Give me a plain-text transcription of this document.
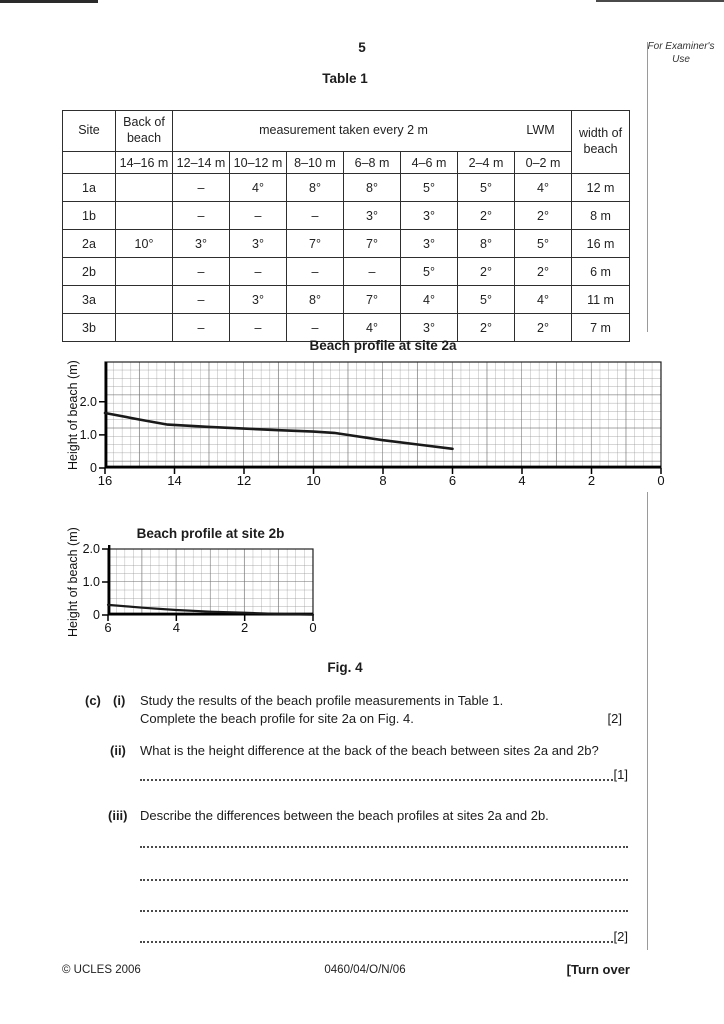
5	For Examiner's Use
Table 1
Site	Back of beach	measurement taken every 2 m LWM							width of beach
	14–16 m	12–14 m	10–12 m	8–10 m	6–8 m	4–6 m	2–4 m	0–2 m	
1a		–	4°	8°	8°	5°	5°	4°	12 m
1b		–	–	–	3°	3°	2°	2°	8 m
2a	10°	3°	3°	7°	7°	3°	8°	5°	16 m
2b		–	–	–	–	5°	2°	2°	6 m
3a		–	3°	8°	7°	4°	5°	4°	11 m
3b		–	–	–	4°	3°	2°	2°	7 m
Beach profile at site 2a
Height of beach (m) 2.0
1.0
0
16	14	12	10	8	6	4	2	0
Beach profile at site 2b
Height of beach (m) 2.0
1.0
0
6	4	2	0
Fig. 4
(c) (i) Study the results of the beach profile measurements in Table 1.
Complete the beach profile for site 2a on Fig. 4.	[2]
(ii) What is the height difference at the back of the beach between sites 2a and 2b?
[1]
(iii) Describe the differences between the beach profiles at sites 2a and 2b.
[2]
0460/04/O/N/06
© UCLES 2006	[Turn over
